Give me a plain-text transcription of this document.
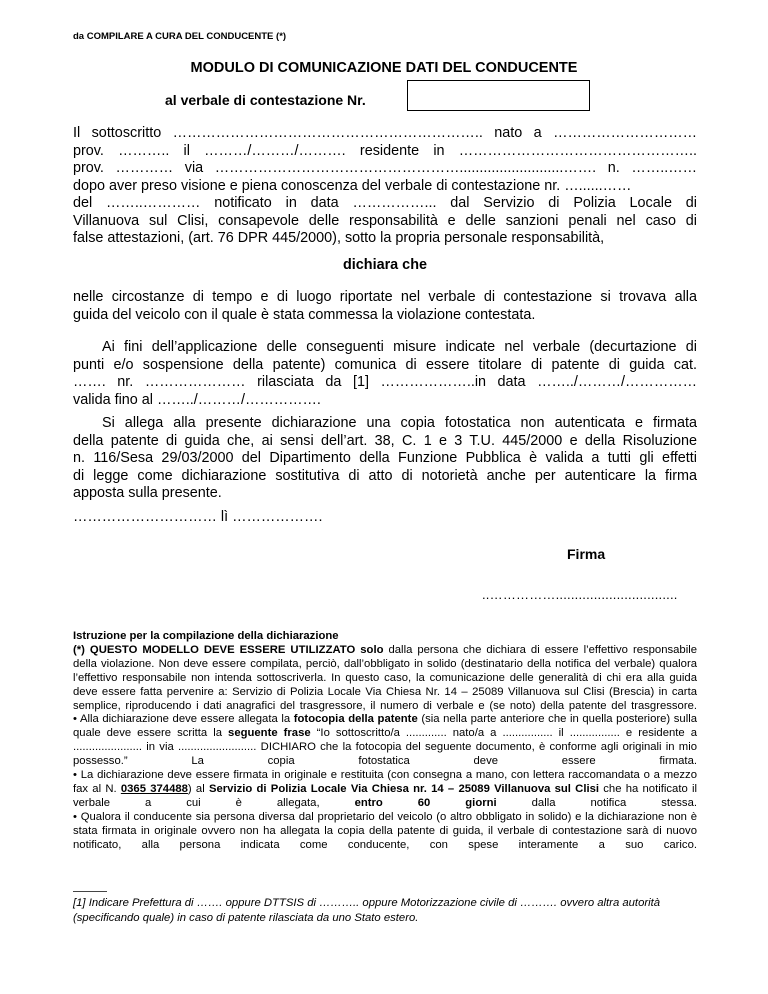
da COMPILARE A CURA DEL CONDUCENTE (*)
MODULO DI COMUNICAZIONE DATI DEL CONDUCENTE
al verbale di contestazione Nr.

Il sottoscritto ……………………………………………………….. nato a …………………………

prov. ……….. il ………/………/………. residente in …………………………………………..

prov. ………… via ……………………………………………..........................……. n. ……..……

dopo aver preso visione e piena conoscenza del verbale di contestazione nr. …......……

del ……..………… notificato in data ……………... dal Servizio di Polizia Locale di

Villanuova sul Clisi, consapevole delle responsabilità e delle sanzioni penali nel caso di

false attestazioni, (art. 76 DPR 445/2000), sotto la propria personale responsabilità,

dichiara che

nelle circostanze di tempo e di luogo riportate nel verbale di contestazione si trovava alla

guida del veicolo con il quale è stata commessa la violazione contestata.

Ai fini dell’applicazione delle conseguenti misure indicate nel verbale (decurtazione di

punti e/o sospensione della patente) comunica di essere titolare di patente di guida cat.

……. nr. ………………… rilasciata da [1] ………………..in data ……../………/……………

valida fino al ……../………/…………….

Si allega alla presente dichiarazione una copia fotostatica non autenticata e firmata

della patente di guida che, ai sensi dell’art. 38, C. 1 e 3 T.U. 445/2000 e della Risoluzione

n. 116/Sesa 29/03/2000 del Dipartimento della Funzione Pubblica è valida a tutti gli effetti

di legge come dichiarazione sostitutiva di atto di notorietà anche per autenticare la firma

apposta sulla presente.

………………………… lì ……………….
Firma
..……………................................

Istruzione per la compilazione della dichiarazione

(*) QUESTO MODELLO DEVE ESSERE UTILIZZATO solo dalla persona che dichiara di essere l’effettivo responsabile della violazione. Non deve essere compilata, perciò, dall’obbligato in solido (destinatario della notifica del verbale) qualora l’effettivo responsabile non intenda sottoscriverla. In questo caso, la comunicazione delle generalità di chi era alla guida deve essere fatta pervenire a: Servizio di Polizia Locale Via Chiesa Nr. 14 – 25089 Villanuova sul Clisi (Brescia) in carta semplice, riproducendo i dati anagrafici del trasgressore, il numero di verbale e (se noto) della patente del trasgressore.

• Alla dichiarazione deve essere allegata la fotocopia della patente (sia nella parte anteriore che in quella posteriore) sulla quale deve essere scritta la seguente frase “Io sottoscritto/a ............. nato/a a ................ il ................ e residente a ...................... in via ......................... DICHIARO che la fotocopia del seguente documento, è conforme agli originali in mio possesso.” La copia fotostatica deve essere firmata.

• La dichiarazione deve essere firmata in originale e restituita (con consegna a mano, con lettera raccomandata o a mezzo fax al N. 0365 374488) al Servizio di Polizia Locale Via Chiesa nr. 14 – 25089 Villanuova sul Clisi che ha notificato il verbale a cui è allegata, entro 60 giorni dalla notifica stessa.

• Qualora il conducente sia persona diversa dal proprietario del veicolo (o altro obbligato in solido) e la dichiarazione non è stata firmata in originale ovvero non ha allegata la copia della patente di guida, il verbale di contestazione sarà di nuovo notificato, alla persona indicata come conducente, con spese interamente a suo carico.

[1] Indicare Prefettura di ……. oppure DTTSIS di ……….. oppure Motorizzazione civile di ………. ovvero altra autorità (specificando quale) in caso di patente rilasciata da uno Stato estero.
